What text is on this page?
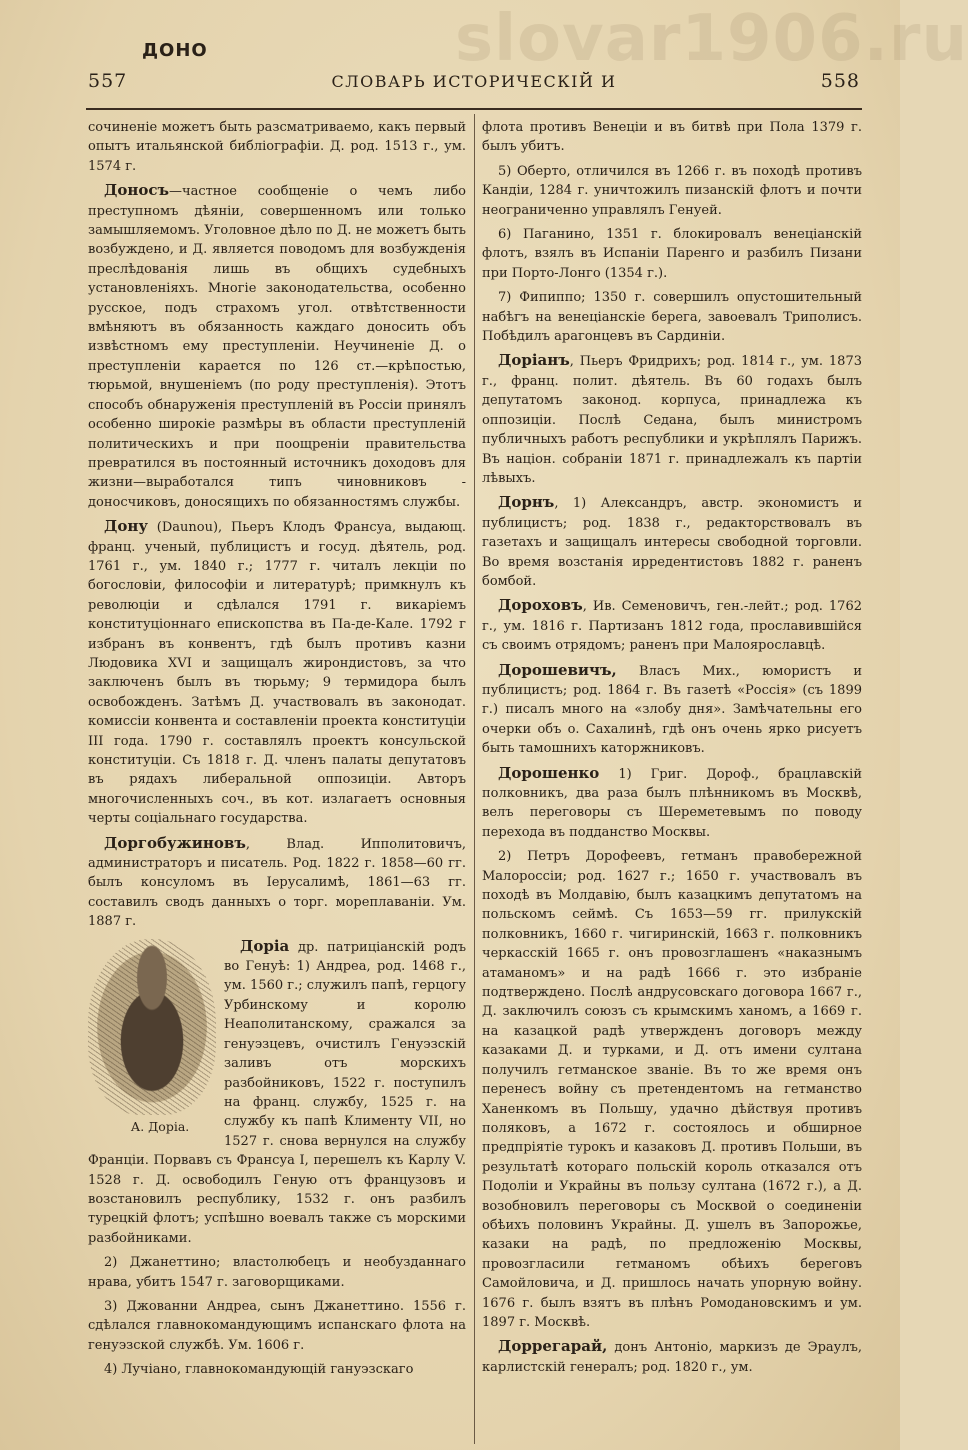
slovar1906.ru
ДОНО
557	СЛОВАРЬ ИСТОРИЧЕСКІЙ И	558

сочиненіе можетъ быть разсматриваемо, какъ первый опытъ итальянской библіографіи. Д. род. 1513 г., ум. 1574 г.

Доносъ—частное сообщеніе о чемъ либо преступномъ дѣяніи, совершенномъ или только замышляемомъ. Уголовное дѣло по Д. не можетъ быть возбуждено, и Д. является поводомъ для возбужденія преслѣдованія лишь въ общихъ судебныхъ установленіяхъ. Многіе законодательства, особенно русское, подъ страхомъ угол. отвѣтственности вмѣняютъ въ обязанность каждаго доносить объ извѣстномъ ему преступленіи. Неучиненіе Д. о преступленіи карается по 126 ст.—крѣпостью, тюрьмой, внушеніемъ (по роду преступленія). Этотъ способъ обнаруженія преступленій въ Россіи принялъ особенно широкіе размѣры въ области преступленій политическихъ и при поощреніи правительства превратился въ постоянный источникъ доходовъ для жизни—выработался типъ чиновниковъ - доносчиковъ, доносящихъ по обязанностямъ службы.

Дону (Daunou), Пьеръ Клодъ Франсуа, выдающ. франц. ученый, публицистъ и госуд. дѣятель, род. 1761 г., ум. 1840 г.; 1777 г. читалъ лекціи по богословіи, философіи и литературѣ; примкнулъ къ революціи и сдѣлался 1791 г. викаріемъ конституціоннаго епископства въ Па-де-Кале. 1792 г избранъ въ конвентъ, гдѣ былъ противъ казни Людовика XVI и защищалъ жирондистовъ, за что заключенъ былъ въ тюрьму; 9 термидора былъ освобожденъ. Затѣмъ Д. участвовалъ въ законодат. комиссіи конвента и составленіи проекта конституціи III года. 1790 г. составлялъ проектъ консульской конституціи. Съ 1818 г. Д. членъ палаты депутатовъ въ рядахъ либеральной оппозиціи. Авторъ многочисленныхъ соч., въ кот. излагаетъ основныя черты соціальнаго государства.

Доргобужиновъ, Влад. Ипполитовичъ, администраторъ и писатель. Род. 1822 г. 1858—60 гг. былъ консуломъ въ Іерусалимѣ, 1861—63 гг. составилъ сводъ данныхъ о торг. мореплаваніи. Ум. 1887 г.

Доріа
А. Доріа.
др. патриціанскій родъ во Генуѣ: 1) Андреа, род. 1468 г., ум. 1560 г.; служилъ папѣ, герцогу Урбинскому и королю Неаполитанскому, сражался за генуэзцевъ, очистилъ Генуэзскій заливъ отъ морскихъ разбойниковъ, 1522 г. поступилъ на франц. службу, 1525 г. на службу къ папѣ Клименту VII, но 1527 г. снова вернулся на службу Франціи. Порвавъ съ Франсуа I, перешелъ къ Карлу V. 1528 г. Д. освободилъ Геную отъ французовъ и возстановилъ республику, 1532 г. онъ разбилъ турецкій флотъ; успѣшно воевалъ также съ морскими разбойниками.

2) Джанеттино; властолюбецъ и необузданнаго нрава, убитъ 1547 г. заговорщиками.

3) Джованни Андреа, сынъ Джанеттино. 1556 г. сдѣлался главнокомандующимъ испанскаго флота на генуэзской службѣ. Ум. 1606 г.

4) Лучіано, главнокомандующій гануэзскаго

флота противъ Венеціи и въ битвѣ при Пола 1379 г. былъ убитъ.

5) Оберто, отличился въ 1266 г. въ походѣ противъ Кандіи, 1284 г. уничтожилъ пизанскій флотъ и почти неограниченно управлялъ Генуей.

6) Паганино, 1351 г. блокировалъ венеціанскій флотъ, взялъ въ Испаніи Паренго и разбилъ Пизани при Порто-Лонго (1354 г.).

7) Фипиппо; 1350 г. совершилъ опустошительный набѣгъ на венеціанскіе берега, завоевалъ Триполисъ. Побѣдилъ арагонцевъ въ Сардиніи.

Доріанъ, Пьеръ Фридрихъ; род. 1814 г., ум. 1873 г., франц. полит. дѣятель. Въ 60 годахъ былъ депутатомъ законод. корпуса, принадлежа къ оппозиціи. Послѣ Седана, былъ министромъ публичныхъ работъ республики и укрѣплялъ Парижъ. Въ націон. собраніи 1871 г. принадлежалъ къ партіи лѣвыхъ.

Дорнъ, 1) Александръ, австр. экономистъ и публицистъ; род. 1838 г., редакторствовалъ въ газетахъ и защищалъ интересы свободной торговли. Во время возстанія ирредентистовъ 1882 г. раненъ бомбой.

Дороховъ, Ив. Семеновичъ, ген.-лейт.; род. 1762 г., ум. 1816 г. Партизанъ 1812 года, прославившійся съ своимъ отрядомъ; раненъ при Малоярославцѣ.

Дорошевичъ, Власъ Мих., юмористъ и публицистъ; род. 1864 г. Въ газетѣ «Россія» (съ 1899 г.) писалъ много на «злобу дня». Замѣчательны его очерки объ о. Сахалинѣ, гдѣ онъ очень ярко рисуетъ быть тамошнихъ каторжниковъ.

Дорошенко 1) Григ. Дороф., брацлавскій полковникъ, два раза былъ плѣнникомъ въ Москвѣ, велъ переговоры съ Шереметевымъ по поводу перехода въ подданство Москвы.

2) Петръ Дорофеевъ, гетманъ правобережной Малороссіи; род. 1627 г.; 1650 г. участвовалъ въ походѣ въ Молдавію, былъ казацкимъ депутатомъ на польскомъ сеймѣ. Съ 1653—59 гг. прилукскій полковникъ, 1660 г. чигиринскій, 1663 г. полковникъ черкасскій 1665 г. онъ провозглашенъ «наказнымъ атаманомъ» и на радѣ 1666 г. это избраніе подтверждено. Послѣ андрусовскаго договора 1667 г., Д. заключилъ союзъ съ крымскимъ ханомъ, а 1669 г. на казацкой радѣ утвержденъ договоръ между казаками Д. и турками, и Д. отъ имени султана получилъ гетманское званіе. Въ то же время онъ перенесъ войну съ претендентомъ на гетманство Ханенкомъ въ Польшу, удачно дѣйствуя противъ поляковъ, а 1672 г. состоялось и обширное предпріятіе турокъ и казаковъ Д. противъ Польши, въ результатѣ котораго польскій король отказался отъ Подоліи и Украйны въ пользу султана (1672 г.), а Д. возобновилъ переговоры съ Москвой о соединеніи обѣихъ половинъ Украйны. Д. ушелъ въ Запорожье, казаки на радѣ, по предложенію Москвы, провозгласили гетманомъ обѣихъ береговъ Самойловича, и Д. пришлось начать упорную войну. 1676 г. былъ взятъ въ плѣнъ Ромодановскимъ и ум. 1897 г. Москвѣ.

Доррегарай, донъ Антоніо, маркизъ де Эраулъ, карлистскій генералъ; род. 1820 г., ум.
